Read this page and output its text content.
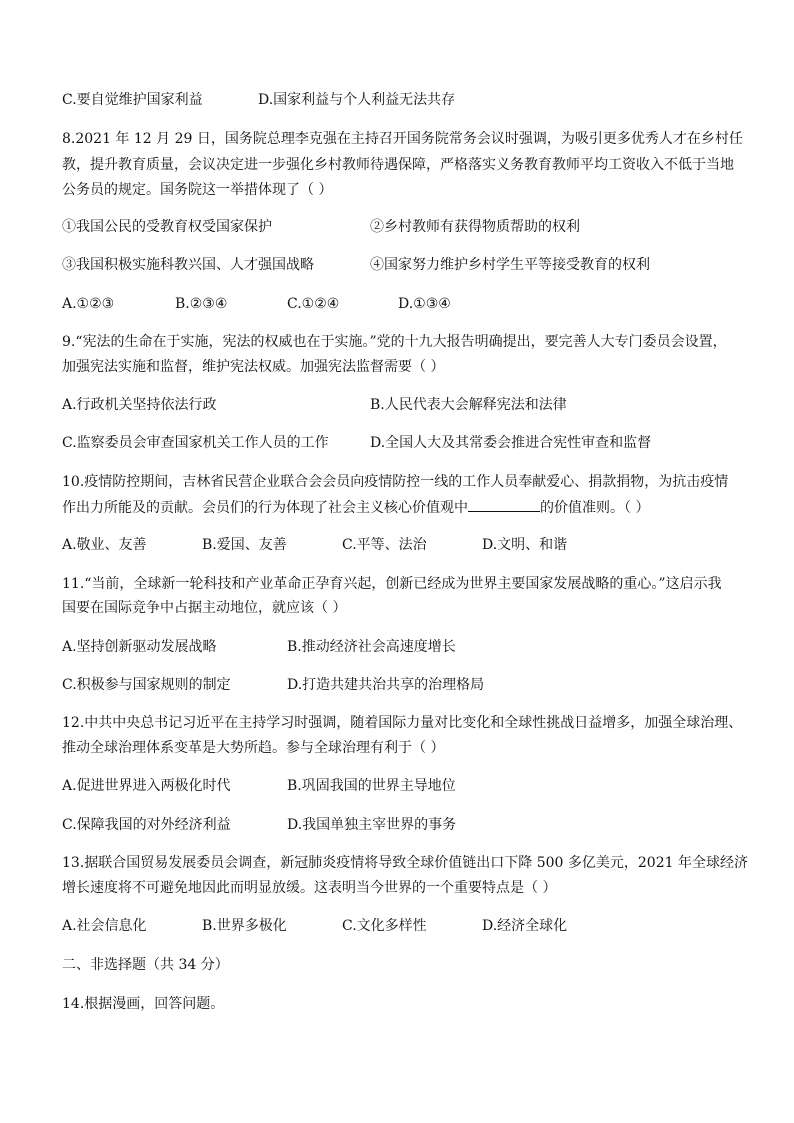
C.要自觉维护国家利益	D.国家利益与个人利益无法共存
8.2021 年 12 月 29 日，国务院总理李克强在主持召开国务院常务会议时强调，为吸引更多优秀人才在乡村任
教，提升教育质量，会议决定进一步强化乡村教师待遇保障，严格落实义务教育教师平均工资收入不低于当地
公务员的规定。国务院这一举措体现了（ ）
①我国公民的受教育权受国家保护	②乡村教师有获得物质帮助的权利
③我国积极实施科教兴国、人才强国战略	④国家努力维护乡村学生平等接受教育的权利
A.①②③	B.②③④	C.①②④	D.①③④
9.“宪法的生命在于实施，宪法的权威也在于实施。”党的十九大报告明确提出，要完善人大专门委员会设置，
加强宪法实施和监督，维护宪法权威。加强宪法监督需要（ ）
A.行政机关坚持依法行政	B.人民代表大会解释宪法和法律
C.监察委员会审查国家机关工作人员的工作	D.全国人大及其常委会推进合宪性审查和监督
10.疫情防控期间，吉林省民营企业联合会会员向疫情防控一线的工作人员奉献爱心、捐款捐物，为抗击疫情
作出力所能及的贡献。会员们的行为体现了社会主义核心价值观中	的价值准则。（ ）
A.敬业、友善	B.爱国、友善	C.平等、法治	D.文明、和谐
11.“当前，全球新一轮科技和产业革命正孕育兴起，创新已经成为世界主要国家发展战略的重心。”这启示我
国要在国际竞争中占据主动地位，就应该（ ）
A.坚持创新驱动发展战略	B.推动经济社会高速度增长
C.积极参与国家规则的制定	D.打造共建共治共享的治理格局
12.中共中央总书记习近平在主持学习时强调，随着国际力量对比变化和全球性挑战日益增多，加强全球治理、
推动全球治理体系变革是大势所趋。参与全球治理有利于（ ）
A.促进世界进入两极化时代	B.巩固我国的世界主导地位
C.保障我国的对外经济利益	D.我国单独主宰世界的事务
13.据联合国贸易发展委员会调查，新冠肺炎疫情将导致全球价值链出口下降 500 多亿美元，2021 年全球经济
增长速度将不可避免地因此而明显放缓。这表明当今世界的一个重要特点是（ ）
A.社会信息化	B.世界多极化	C.文化多样性	D.经济全球化
二、非选择题（共 34 分）
14.根据漫画，回答问题。
